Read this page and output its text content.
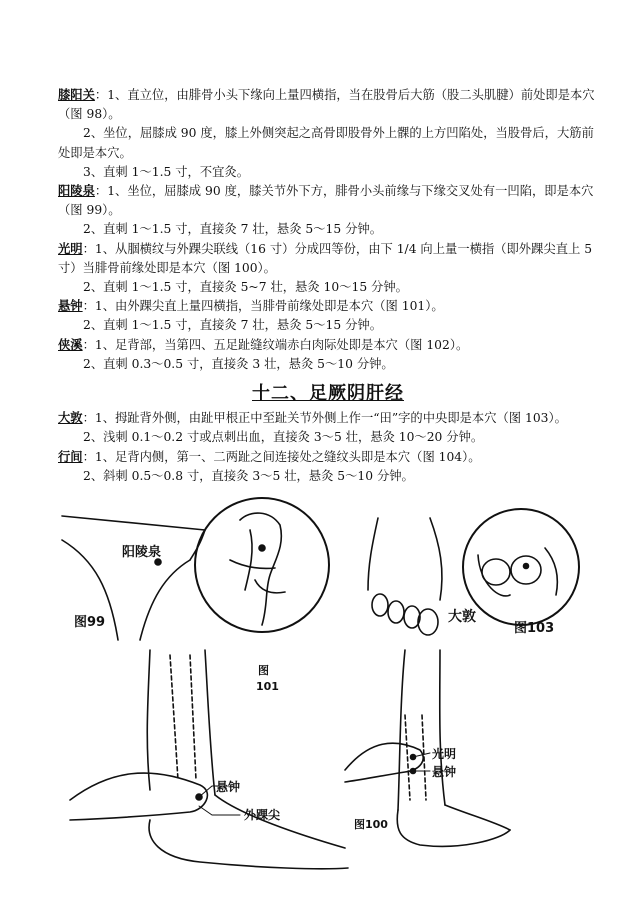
膝阳关：1、直立位，由腓骨小头下缘向上量四横指，当在股骨后大筋（股二头肌腱）前处即是本穴（图 98）。

2、坐位，屈膝成 90 度，膝上外侧突起之高骨即股骨外上髁的上方凹陷处，当股骨后，大筋前处即是本穴。

3、直刺 1～1.5 寸，不宜灸。

阳陵泉：1、坐位，屈膝成 90 度，膝关节外下方，腓骨小头前缘与下缘交叉处有一凹陷，即是本穴（图 99）。

2、直刺 1～1.5 寸，直接灸 7 壮，悬灸 5～15 分钟。

光明：1、从腘横纹与外踝尖联线（16 寸）分成四等份，由下 1/4 向上量一横指（即外踝尖直上 5 寸）当腓骨前缘处即是本穴（图 100）。

2、直刺 1～1.5 寸，直接灸 5~7 壮，悬灸 10～15 分钟。

悬钟：1、由外踝尖直上量四横指，当腓骨前缘处即是本穴（图 101）。

2、直刺 1～1.5 寸，直接灸 7 壮，悬灸 5～15 分钟。

侠溪：1、足背部，当第四、五足趾缝纹端赤白肉际处即是本穴（图 102）。

2、直刺 0.3～0.5 寸，直接灸 3 壮，悬灸 5～10 分钟。

十二、足厥阴肝经

大敦：1、拇趾背外侧，由趾甲根正中至趾关节外侧上作一“田”字的中央即是本穴（图 103）。

2、浅刺 0.1～0.2 寸或点刺出血，直接灸 3～5 壮，悬灸 10～20 分钟。

行间：1、足背内侧，第一、二两趾之间连接处之缝纹头即是本穴（图 104）。

2、斜刺 0.5～0.8 寸，直接灸 3～5 壮，悬灸 5～10 分钟。

阳陵泉
图99	大敦
图103
图
101
悬钟
外踝尖
光明
悬钟
图100
